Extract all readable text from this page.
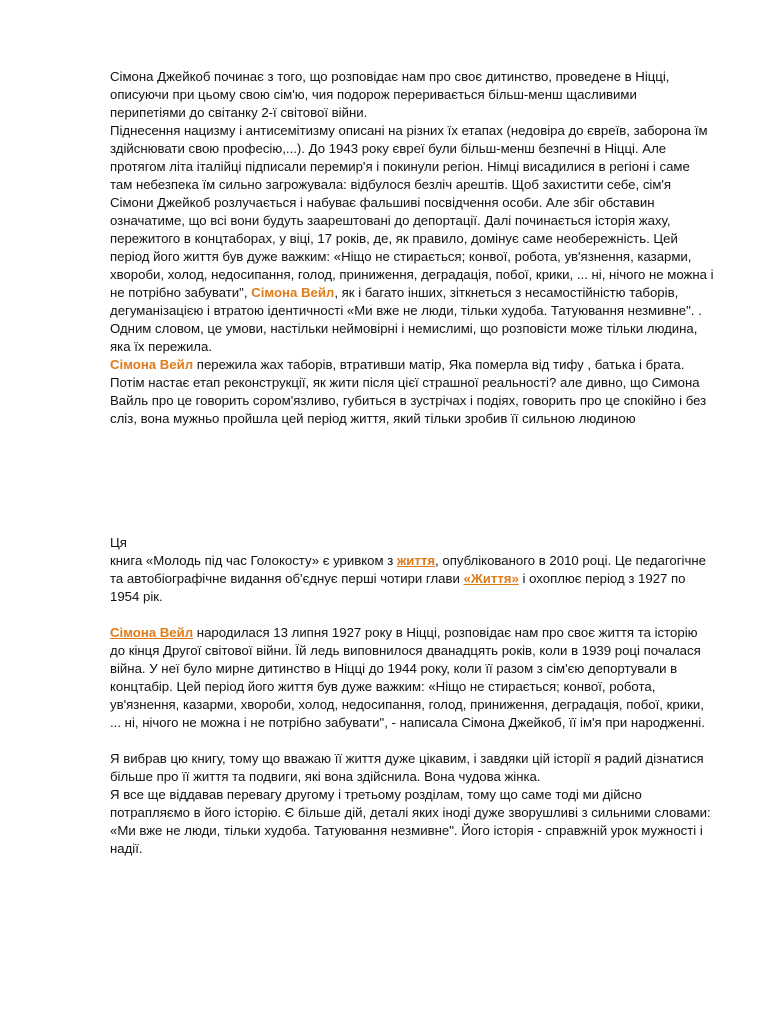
Сімона Джейкоб починає з того, що розповідає нам про своє дитинство, проведене в Ніцці, описуючи при цьому свою сім'ю, чия подорож переривається більш-менш щасливими перипетіями до світанку 2-ї світової війни.
Піднесення нацизму і антисемітизму описані на різних їх етапах (недовіра до євреїв, заборона їм здійснювати свою професію,...). До 1943 року євреї були більш-менш безпечні в Ніцці. Але протягом літа італійці підписали перемир'я і покинули регіон. Німці висадилися в регіоні і саме там небезпека їм сильно загрожувала: відбулося безліч арештів. Щоб захистити себе, сім'я Сімони Джейкоб розлучається і набуває фальшиві посвідчення особи. Але збіг обставин означатиме, що всі вони будуть заарештовані до депортації. Далі починається історія жаху, пережитого в концтаборах, у віці, 17 років, де, як правило, домінує саме необережність. Цей період його життя був дуже важким: «Ніщо не стирається; конвої, робота, ув'язнення, казарми, хвороби, холод, недосипання, голод, приниження, деградація, побої, крики, ... ні, нічого не можна і не потрібно забувати", Сімона Вейл, як і багато інших, зіткнеться з несамостійністю таборів, дегуманізацією і втратою ідентичності «Ми вже не люди, тільки худоба. Татуювання незмивне". . Одним словом, це умови, настільки неймовірні і немислимі, що розповісти може тільки людина, яка їх пережила.
Сімона Вейл пережила жах таборів, втративши матір, Яка померла від тифу , батька і брата. Потім настає етап реконструкції, як жити після цієї страшної реальності? але дивно, що Симона Вайль про це говорить сором'язливо, губиться в зустрічах і подіях, говорить про це спокійно і без сліз, вона мужньо пройшла цей період життя, який тільки зробив її сильною людиною

Ця
книга «Молодь під час Голокосту» є уривком з життя, опублікованого в 2010 році. Це педагогічне та автобіографічне видання об'єднує перші чотири глави «Життя» і охоплює період з 1927 по 1954 рік.

Сімона Вейл народилася 13 липня 1927 року в Ніцці, розповідає нам про своє життя та історію до кінця Другої світової війни. Їй ледь виповнилося дванадцять років, коли в 1939 році почалася війна. У неї було мирне дитинство в Ніцці до 1944 року, коли її разом з сім'єю депортували в концтабір. Цей період його життя був дуже важким: «Ніщо не стирається; конвої, робота, ув'язнення, казарми, хвороби, холод, недосипання, голод, приниження, деградація, побої, крики, ... ні, нічого не можна і не потрібно забувати", - написала Сімона Джейкоб, її ім'я при народженні.

Я вибрав цю книгу, тому що вважаю її життя дуже цікавим, і завдяки цій історії я радий дізнатися більше про її життя та подвиги, які вона здійснила. Вона чудова жінка.
Я все ще віддавав перевагу другому і третьому розділам, тому що саме тоді ми дійсно потрапляємо в його історію. Є більше дій, деталі яких іноді дуже зворушливі з сильними словами: «Ми вже не люди, тільки худоба. Татуювання незмивне". Його історія - справжній урок мужності і надії.
